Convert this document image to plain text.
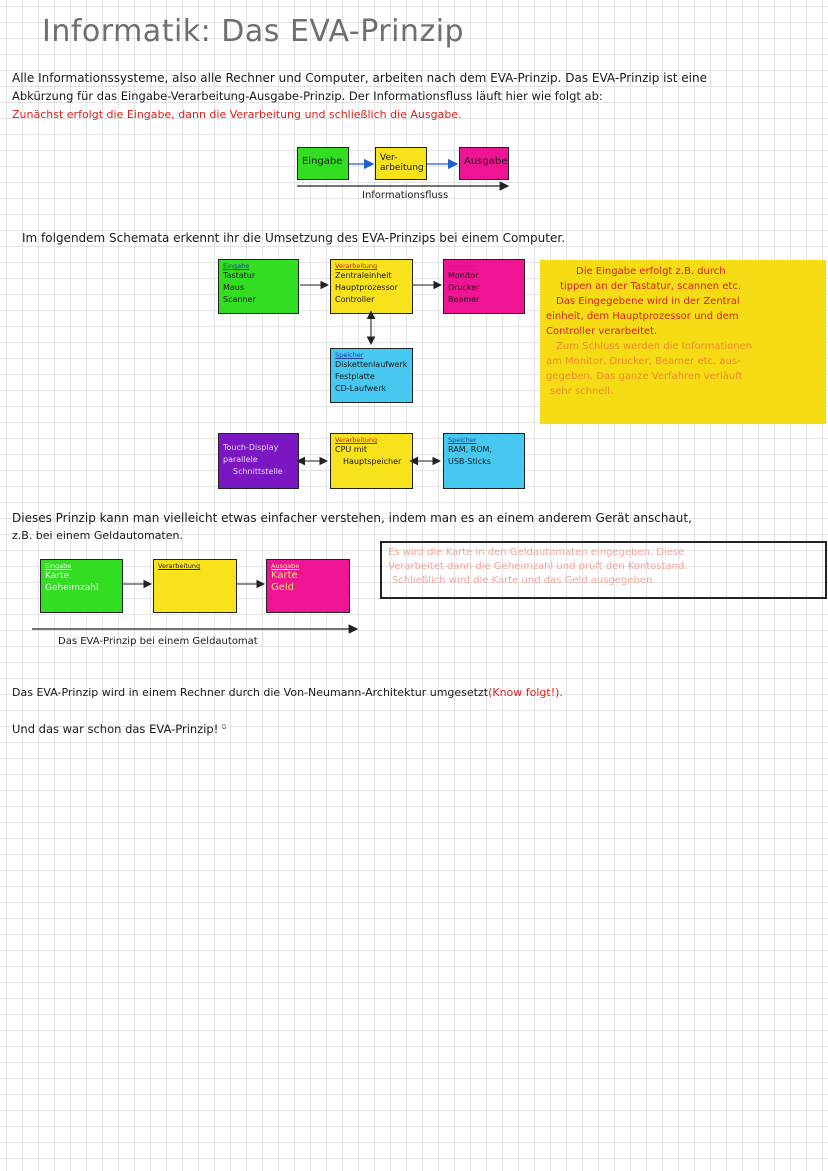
Informatik: Das EVA-Prinzip
Alle Informationssysteme, also alle Rechner und Computer, arbeiten nach dem EVA-Prinzip. Das EVA-Prinzip ist eine
Abkürzung für das Eingabe-Verarbeitung-Ausgabe-Prinzip. Der Informationsfluss läuft hier wie folgt ab:
Zunächst erfolgt die Eingabe, dann die Verarbeitung und schließlich die Ausgabe.
Eingabe	Ver-
arbeitung
Ausgabe
Informationsfluss
Im folgendem Schemata erkennt ihr die Umsetzung des EVA-Prinzips bei einem Computer.
Eingabe
Tastatur
Maus
Scanner
Verarbeitung
Zentraleinheit
Hauptprozessor
Controller
Ausgabe
Monitor
Drucker
Beamer
Speicher
Diskettenlaufwerk
Festplatte
CD-Laufwerk
Touch-Display
parallele
Schnittstelle
Verarbeitung
CPU mit
Hauptspeicher
Speicher
RAM, ROM,
USB-Sticks
Die Eingabe erfolgt z.B. durch
tippen an der Tastatur, scannen etc.
Das Eingegebene wird in der Zentral
einheit, dem Hauptprozessor und dem
Controller verarbeitet.
Zum Schluss werden die Informationen
am Monitor, Drucker, Beamer etc. aus-
gegeben. Das ganze Verfahren verläuft
sehr schnell.
Dieses Prinzip kann man vielleicht etwas einfacher verstehen, indem man es an einem anderem Gerät anschaut,
z.B. bei einem Geldautomaten.
Eingabe
Karte
Geheimzahl
Verarbeitung	Ausgabe
Karte
Geld
Das EVA-Prinzip bei einem Geldautomat
Es wird die Karte in den Geldautomaten eingegeben. Diese
Verarbeitet dann die Geheimzahl und prüft den Kontostand.
Schließlich wird die Karte und das Geld ausgegeben.
Das EVA-Prinzip wird in einem Rechner durch die Von-Neumann-Architektur umgesetzt(Know folgt!).
Und das war schon das EVA-Prinzip! ᵕ̈
